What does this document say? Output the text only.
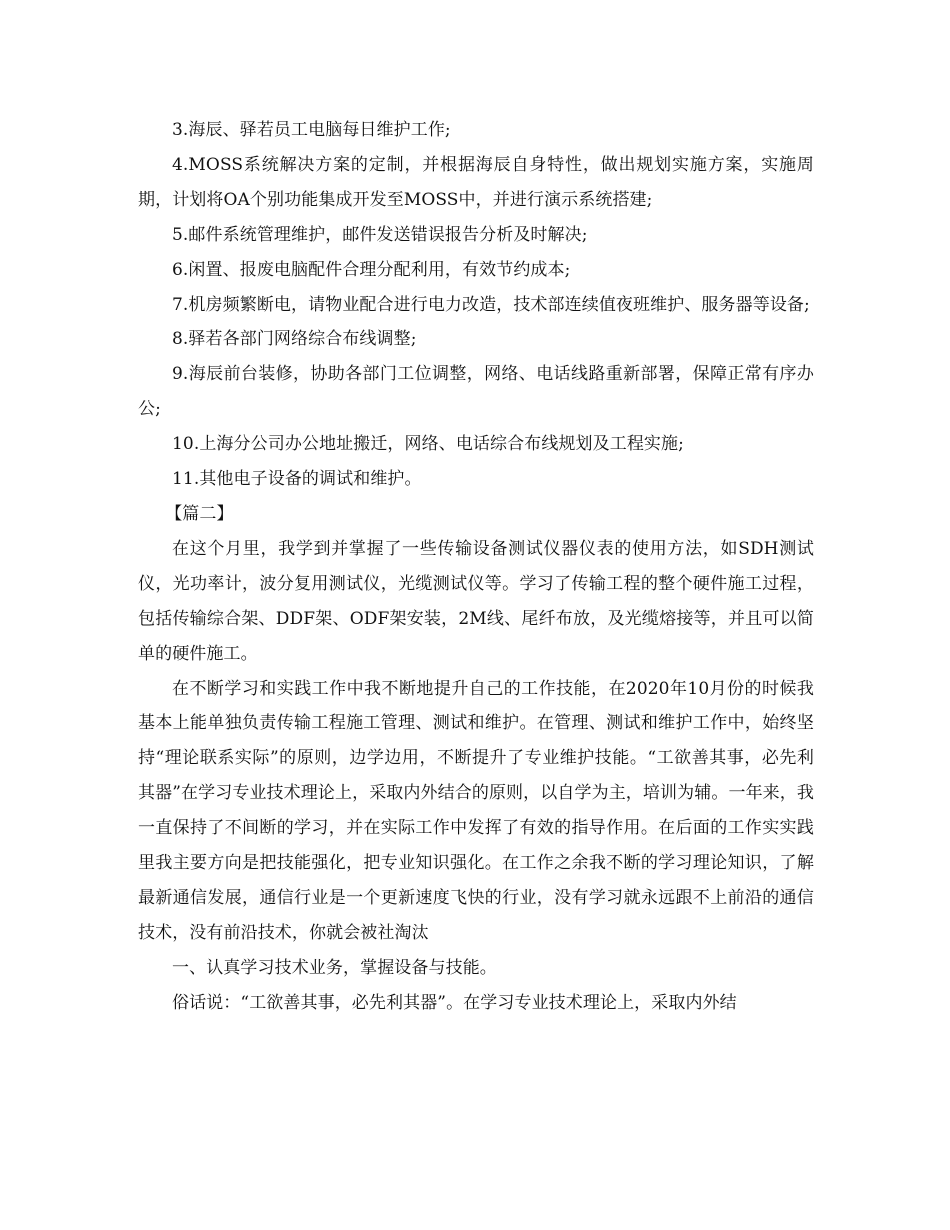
3.海辰、驿若员工电脑每日维护工作;

4.MOSS系统解决方案的定制，并根据海辰自身特性，做出规划实施方案，实施周期，计划将OA个别功能集成开发至MOSS中，并进行演示系统搭建;

5.邮件系统管理维护，邮件发送错误报告分析及时解决;

6.闲置、报废电脑配件合理分配利用，有效节约成本;

7.机房频繁断电，请物业配合进行电力改造，技术部连续值夜班维护、服务器等设备;

8.驿若各部门网络综合布线调整;

9.海辰前台装修，协助各部门工位调整，网络、电话线路重新部署，保障正常有序办公;

10.上海分公司办公地址搬迁，网络、电话综合布线规划及工程实施;

11.其他电子设备的调试和维护。

【篇二】

在这个月里，我学到并掌握了一些传输设备测试仪器仪表的使用方法，如SDH测试仪，光功率计，波分复用测试仪，光缆测试仪等。学习了传输工程的整个硬件施工过程，包括传输综合架、DDF架、ODF架安装，2M线、尾纤布放，及光缆熔接等，并且可以简单的硬件施工。

在不断学习和实践工作中我不断地提升自己的工作技能，在2020年10月份的时候我基本上能单独负责传输工程施工管理、测试和维护。在管理、测试和维护工作中，始终坚持“理论联系实际”的原则，边学边用，不断提升了专业维护技能。“工欲善其事，必先利其器”在学习专业技术理论上，采取内外结合的原则，以自学为主，培训为辅。一年来，我一直保持了不间断的学习，并在实际工作中发挥了有效的指导作用。在后面的工作实实践里我主要方向是把技能强化，把专业知识强化。在工作之余我不断的学习理论知识，了解最新通信发展，通信行业是一个更新速度飞快的行业，没有学习就永远跟不上前沿的通信技术，没有前沿技术，你就会被社淘汰

一、认真学习技术业务，掌握设备与技能。

俗话说：“工欲善其事，必先利其器”。在学习专业技术理论上，采取内外结
